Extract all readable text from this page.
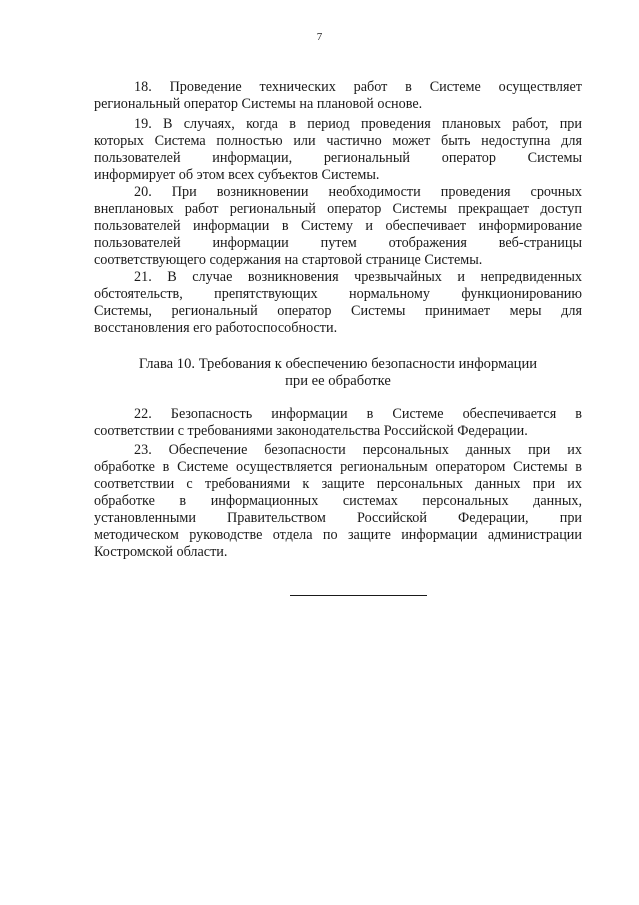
7
18. Проведение технических работ в Системе осуществляет
региональный оператор Системы на плановой основе.
19. В случаях, когда в период проведения плановых работ, при
которых Система полностью или частично может быть недоступна для
пользователей информации, региональный оператор Системы
информирует об этом всех субъектов Системы.
20. При возникновении необходимости проведения срочных
внеплановых работ региональный оператор Системы прекращает доступ
пользователей информации в Систему и обеспечивает информирование
пользователей информации путем отображения веб-страницы
соответствующего содержания на стартовой странице Системы.
21. В случае возникновения чрезвычайных и непредвиденных
обстоятельств, препятствующих нормальному функционированию
Системы, региональный оператор Системы принимает меры для
восстановления его работоспособности.
Глава 10. Требования к обеспечению безопасности информации
при ее обработке
22. Безопасность информации в Системе обеспечивается в
соответствии с требованиями законодательства Российской Федерации.
23. Обеспечение безопасности персональных данных при их
обработке в Системе осуществляется региональным оператором Системы в
соответствии с требованиями к защите персональных данных при их
обработке в информационных системах персональных данных,
установленными Правительством Российской Федерации, при
методическом руководстве отдела по защите информации администрации
Костромской области.
